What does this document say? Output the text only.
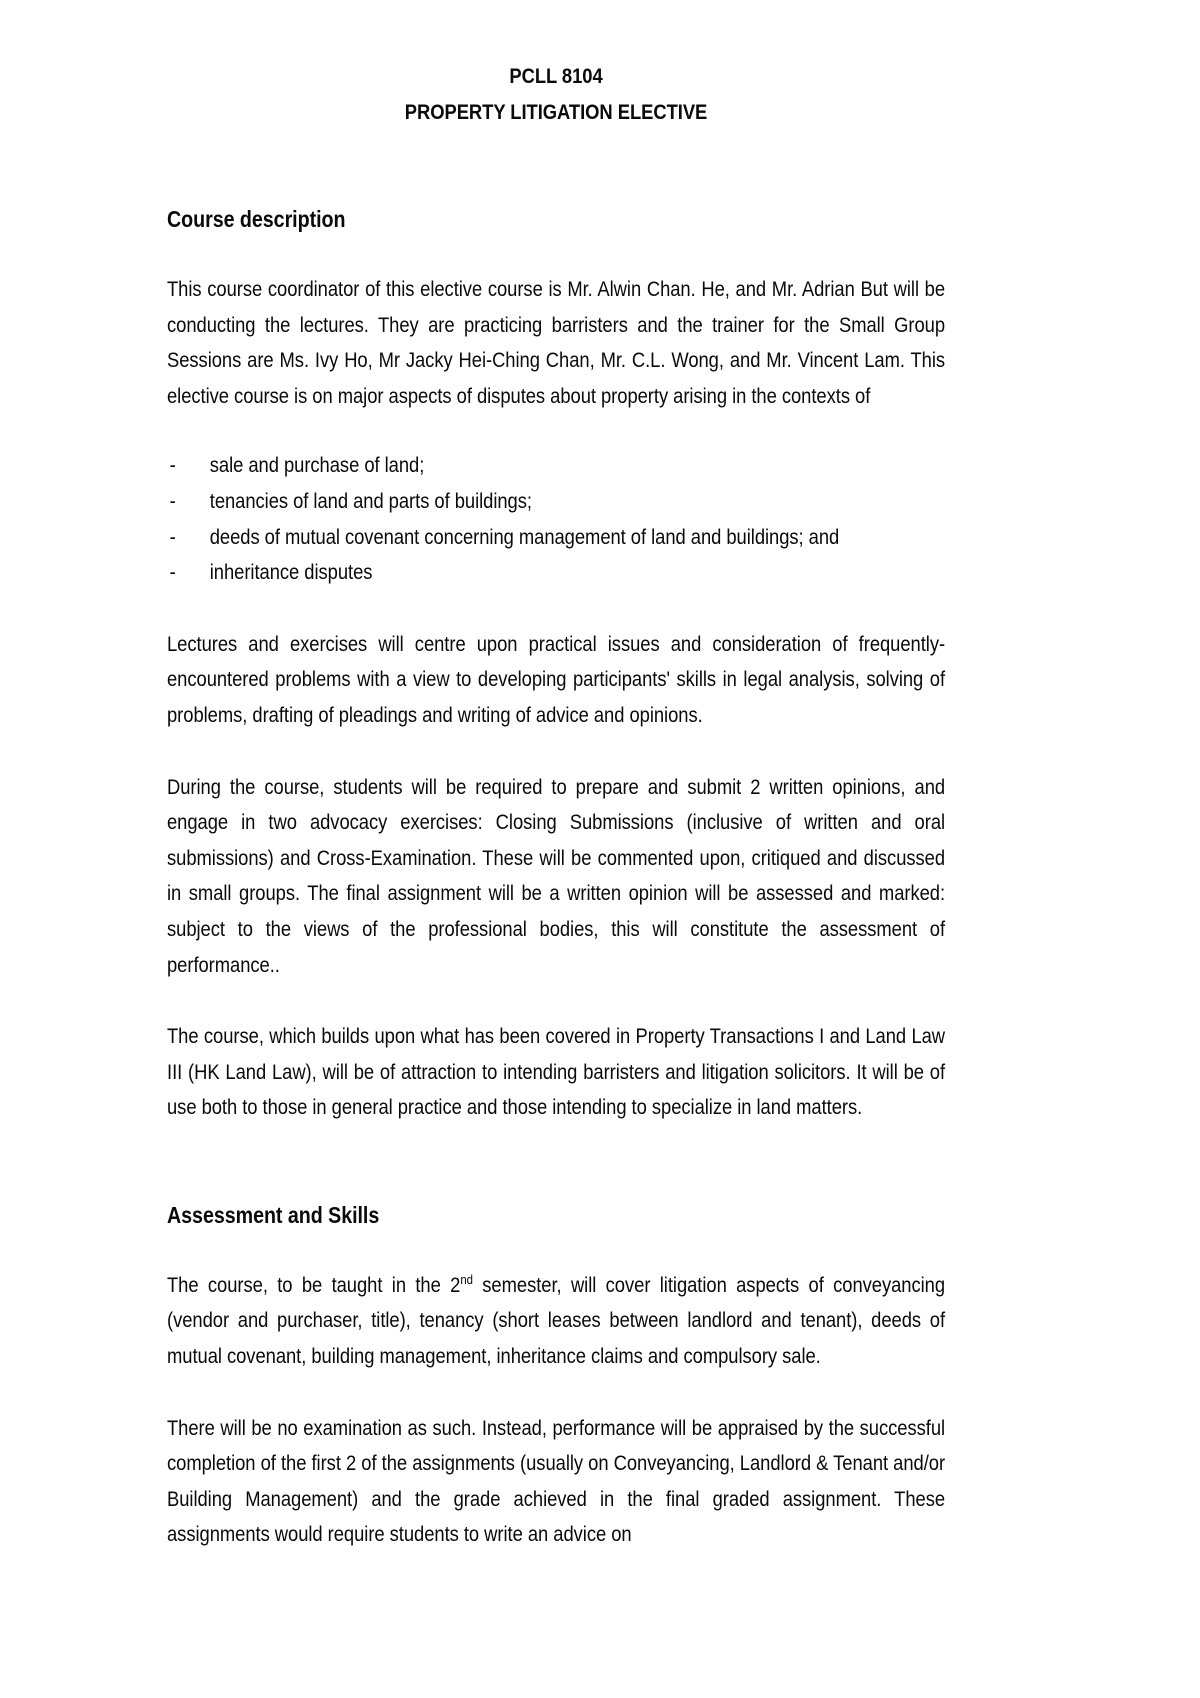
PCLL 8104
PROPERTY LITIGATION ELECTIVE
Course description

This course coordinator of this elective course is Mr. Alwin Chan. He, and Mr. Adrian But will be conducting the lectures. They are practicing barristers and the trainer for the Small Group Sessions are Ms. Ivy Ho, Mr Jacky Hei-Ching Chan, Mr. C.L. Wong, and Mr. Vincent Lam. This elective course is on major aspects of disputes about property arising in the contexts of

- sale and purchase of land;
- tenancies of land and parts of buildings;
- deeds of mutual covenant concerning management of land and buildings; and
- inheritance disputes

Lectures and exercises will centre upon practical issues and consideration of frequently-encountered problems with a view to developing participants' skills in legal analysis, solving of problems, drafting of pleadings and writing of advice and opinions.

During the course, students will be required to prepare and submit 2 written opinions, and engage in two advocacy exercises: Closing Submissions (inclusive of written and oral submissions) and Cross-Examination. These will be commented upon, critiqued and discussed in small groups. The final assignment will be a written opinion will be assessed and marked: subject to the views of the professional bodies, this will constitute the assessment of performance..

The course, which builds upon what has been covered in Property Transactions I and Land Law III (HK Land Law), will be of attraction to intending barristers and litigation solicitors. It will be of use both to those in general practice and those intending to specialize in land matters.

Assessment and Skills

The course, to be taught in the 2nd semester, will cover litigation aspects of conveyancing (vendor and purchaser, title), tenancy (short leases between landlord and tenant), deeds of mutual covenant, building management, inheritance claims and compulsory sale.

There will be no examination as such. Instead, performance will be appraised by the successful completion of the first 2 of the assignments (usually on Conveyancing, Landlord & Tenant and/or Building Management) and the grade achieved in the final graded assignment. These assignments would require students to write an advice on
